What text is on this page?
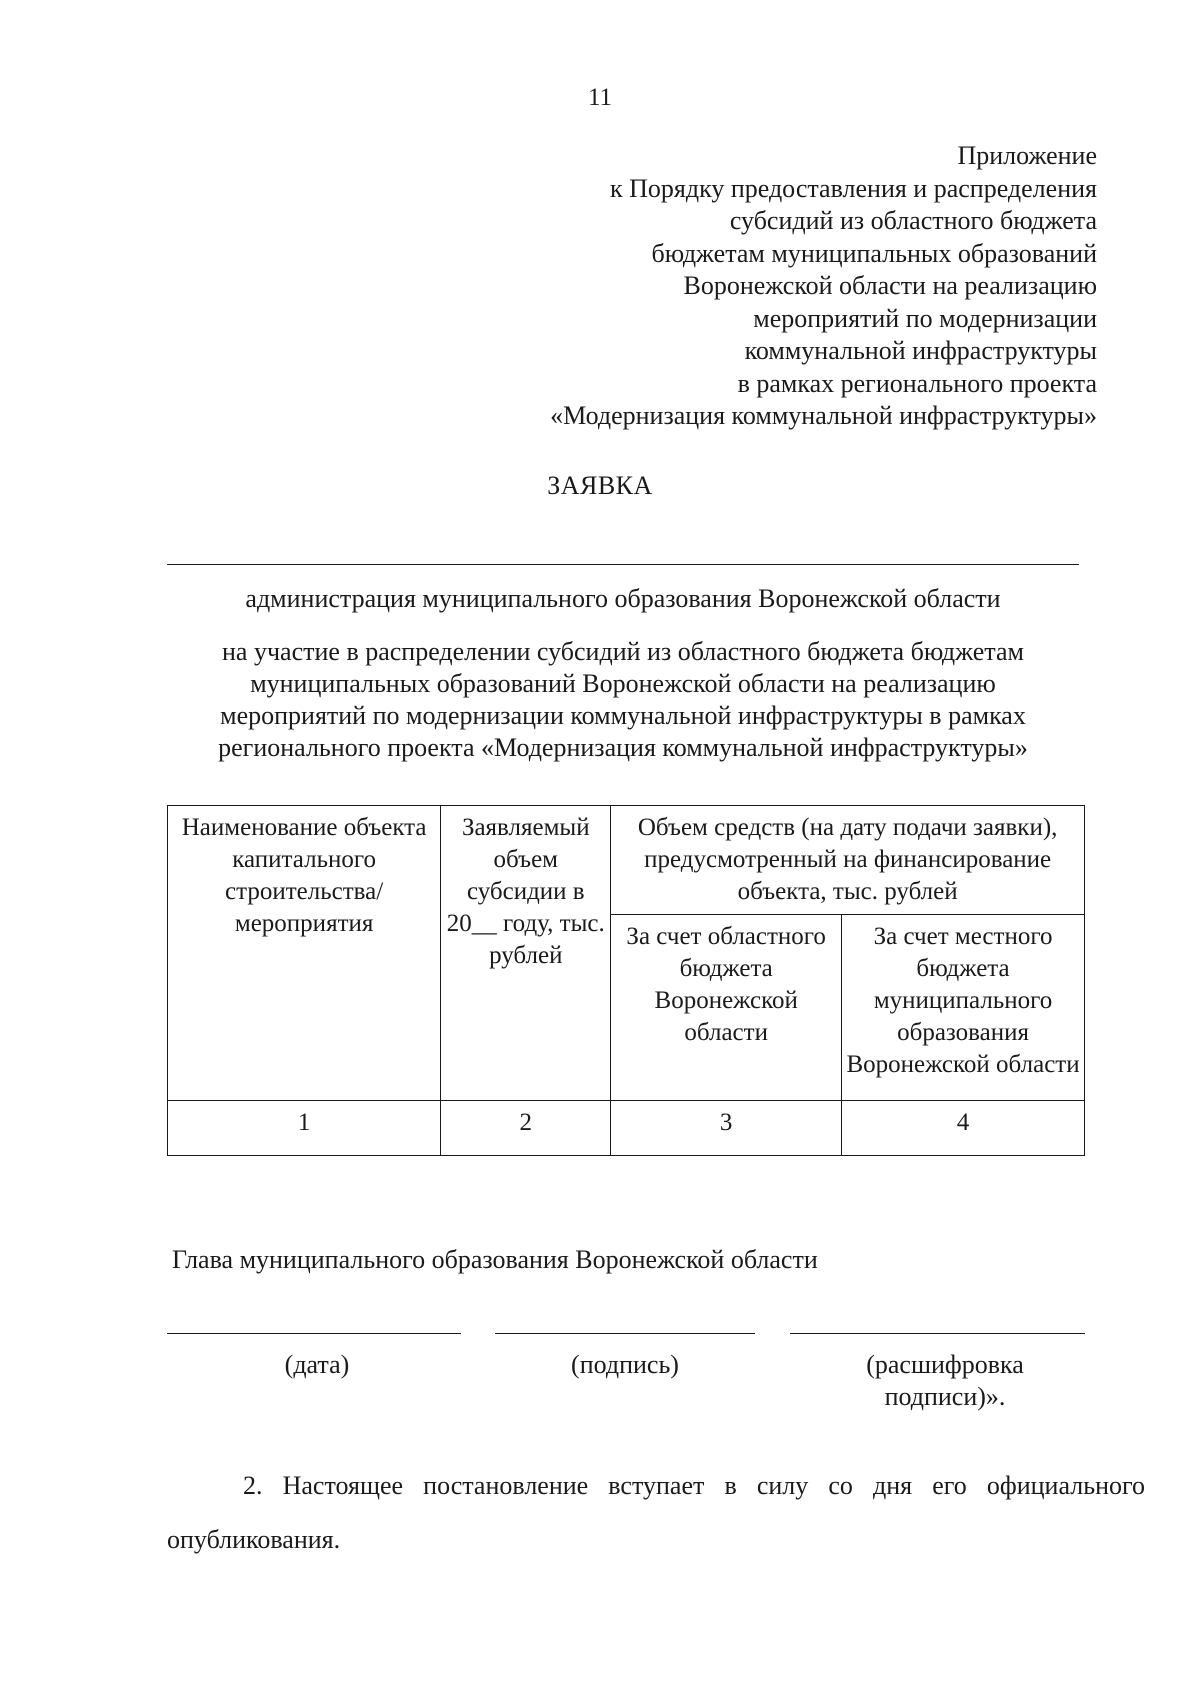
11
Приложение
к Порядку предоставления и распределения
субсидий из областного бюджета
бюджетам муниципальных образований
Воронежской области на реализацию
мероприятий по модернизации
коммунальной инфраструктуры
в рамках регионального проекта
«Модернизация коммунальной инфраструктуры»
ЗАЯВКА
администрация муниципального образования Воронежской области
на участие в распределении субсидий из областного бюджета бюджетам
муниципальных образований Воронежской области на реализацию
мероприятий по модернизации коммунальной инфраструктуры в рамках
регионального проекта «Модернизация коммунальной инфраструктуры»
Наименование объекта капитального строительства/ мероприятия	Заявляемый объем субсидии в 20__ году, тыс. рублей	Объем средств (на дату подачи заявки), предусмотренный на финансирование объекта, тыс. рублей	
		За счет областного бюджета Воронежской области	За счет местного бюджета муниципального образования Воронежской области
1	2	3	4
Глава муниципального образования Воронежской области
(дата)	(подпись)	(расшифровка
подписи)».
2. Настоящее постановление вступает в силу со дня его официального опубликования.
